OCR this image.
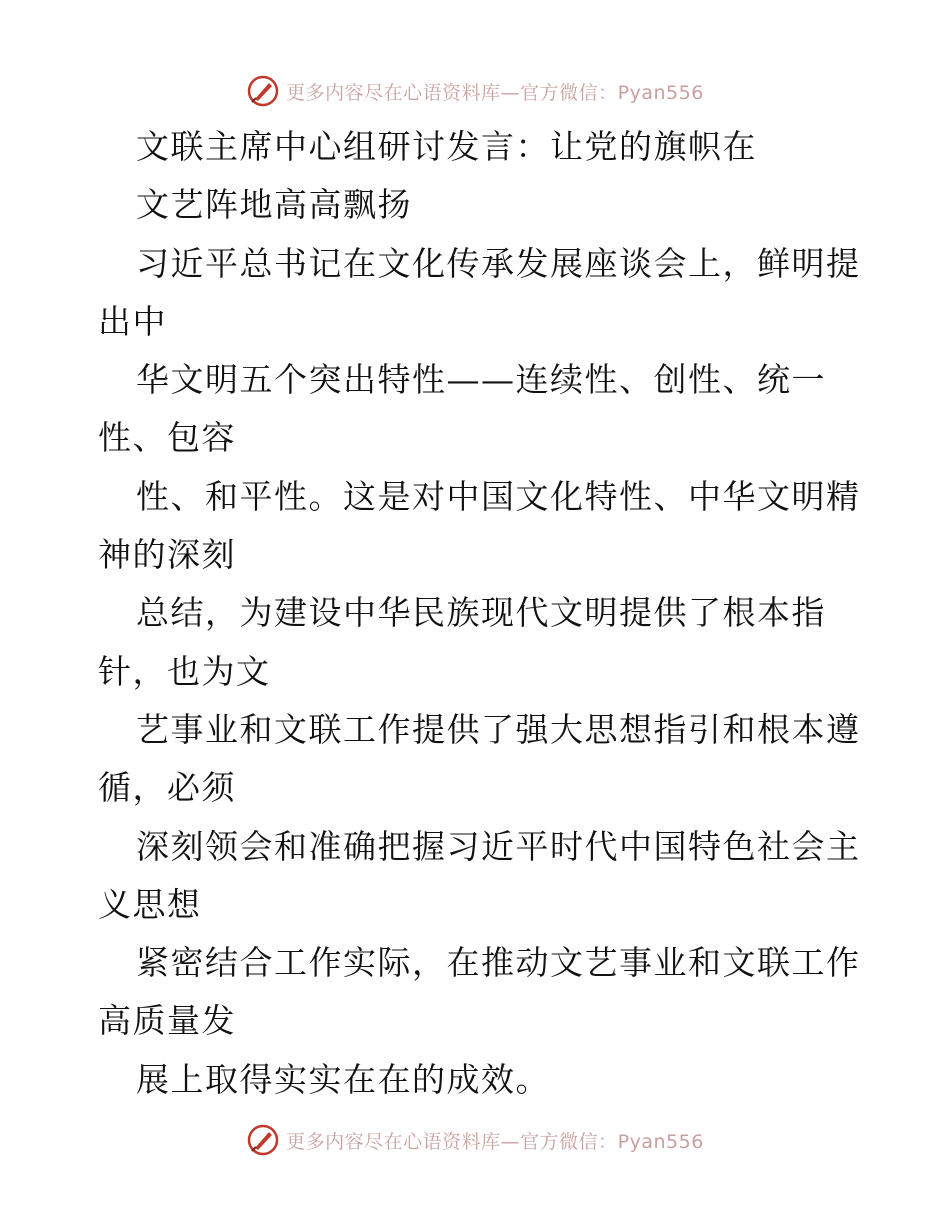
更多内容尽在心语资料库—官方微信：Pyan556
文联主席中心组研讨发言：让党的旗帜在
文艺阵地高高飘扬
习近平总书记在文化传承发展座谈会上，鲜明提
出中
华文明五个突出特性——连续性、创性、统一
性、包容
性、和平性。这是对中国文化特性、中华文明精
神的深刻
总结，为建设中华民族现代文明提供了根本指
针，也为文
艺事业和文联工作提供了强大思想指引和根本遵
循，必须
深刻领会和准确把握习近平时代中国特色社会主
义思想
紧密结合工作实际，在推动文艺事业和文联工作
高质量发
展上取得实实在在的成效。
更多内容尽在心语资料库—官方微信：Pyan556
